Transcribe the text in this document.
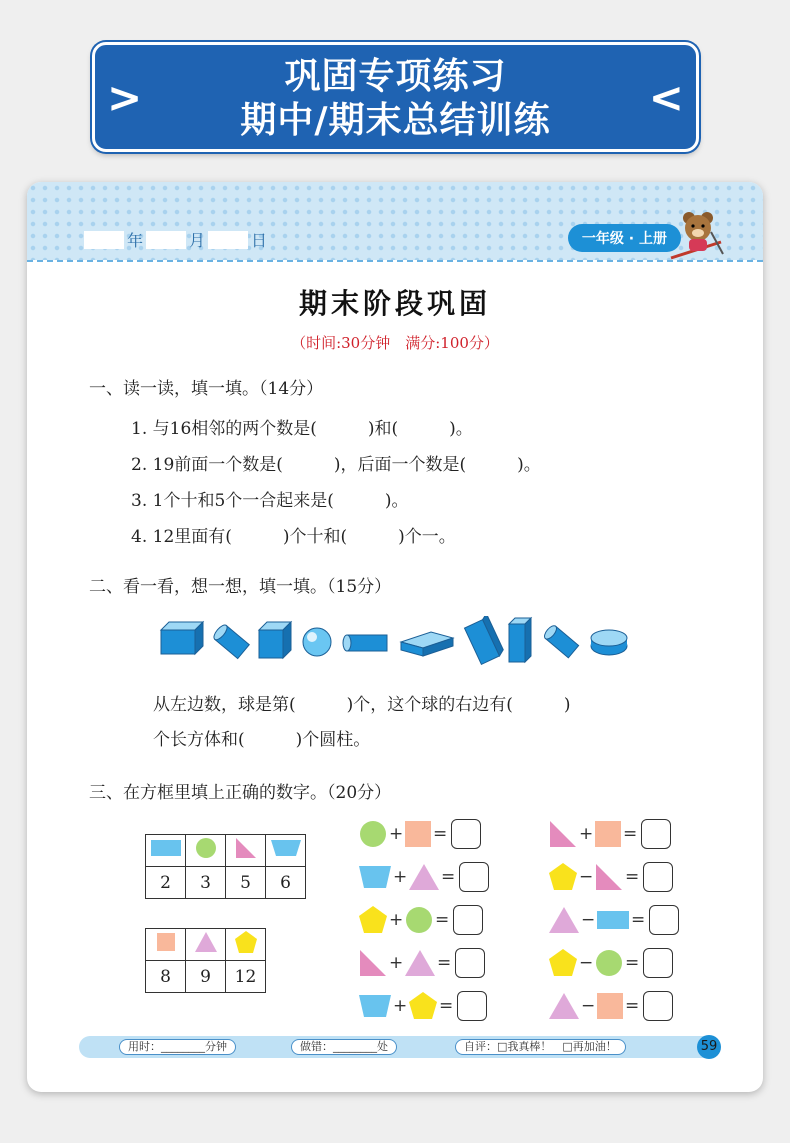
>	巩固专项练习
期中/期末总结训练	<
年	月	日	一年级 · 上册
期末阶段巩固
（时间:30分钟　满分:100分）
一、读一读，填一填。（14分）
1. 与16相邻的两个数是(　　　)和(　　　)。
2. 19前面一个数是(　　　)，后面一个数是(　　　)。
3. 1个十和5个一合起来是(　　　)。
4. 12里面有(　　　)个十和(　　　)个一。
二、看一看，想一想，填一填。（15分）
从左边数，球是第(　　　)个，这个球的右边有(　　　)
个长方体和(　　　)个圆柱。
三、在方框里填上正确的数字。（20分）

2	3	5	6

8	9	12
+ =	+ =
+ =	− =
+ =	− =
+ =	− =
+ =	− =
用时：________分钟	做错：________处	自评：□我真棒！　□再加油！	59
